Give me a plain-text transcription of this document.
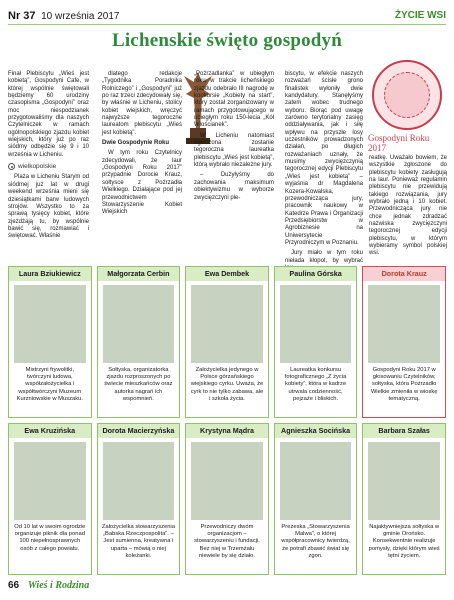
Nr 37 10 września 2017	ŻYCIE WSI
Lichenskie święto gospodyń

Finał Plebiscytu „Wieś jest kobietą”, Gospodyni Cafe, w której wspólnie świętowali będziemy 60 urodziny czasopisma „Gospodyni” oraz moc niespodzianek przygotowaliśmy dla naszych Czytelniczek w ramach ogólnopolskiego zjazdu kobiet wiejskich, który już po raz siódmy odbędzie się 9 i 10 września w Licheniu.

wielkopolskie

Plaża w Licheniu Starym od siódmej już lat w drugi weekend września mieni się dziesiątkami barw ludowych strojów. Wszystko to za sprawą tysięcy kobiet, które zjeżdżają tu, by wspólnie bawić się, rozmawiać i świętować. Właśnie

dlatego redakcje „Tygodnika Poradnika Rolniczego” i „Gospodyni” już po raz trzeci zdecydowały się, by właśnie w Licheniu, stolicy kobiet wiejskich, wręczyć najwyższe tegoroczne laureatom plebiscytu „Wieś jest kobietą”.

Dwie Gospodynie Roku

W tym roku Czytelnicy zdecydowali, że laur „Gospodyni Roku 2017” przypadnie Dorocie Krauz, sołtysce z Pożrzadła Wielkiego. Działające pod jej przewodnictwem Stowarzyszenie Kobiet Wiejskich

„Pożrzadlanka” w ubiegłym roku w trakcie licheńskiego zjazdu odebrało III nagrodę w konkursie „Kobiety na start”, który został zorganizowany w ramach przygotowującego w ubiegłym roku 150-lecia „Kół Włościanek”.

W Licheniu natomiast ogłoszona zostanie tegoroczna laureatka plebiscytu „Wieś jest kobietą”, którą wybrało niezależne jury.

– Dużyłyśmy do zachowania maksimum obiektywizmu w wyborze zwycięzczyni ple-

biscytu, w efekcie naszych rozważań ścisłe grono finalistek wyłoniły dwie kandydatury. Stanęłyśmy zatem wobec trudnego wyboru. Biorąc pod uwagę zarówno terytorialny zasięg oddziaływania, jak i siłę wpływu na przyszłe losy uczestników prowadzonych działań, po długich rozważaniach uznały, że musimy zwycięzczynią tegorocznej edycji Plebiscytu „Wieś jest kobietą” – wyjaśnia dr Magdalena Kozera-Kowalska, przewodnicząca jury, pracownik naukowy w Katedrze Prawa i Organizacji Przedsiębiorstw w Agrobiznesie na Uniwersytecie Przyrodniczym w Poznaniu.

Jury miało w tym roku niełada kłopot, by wybrać

Gospodyni Roku 2017

reatkę. Uważało bowiem, że wszystkie zgłoszone do plebiscytu kobiety zasługują na laur. Ponieważ regulamin plebiscytu nie przewidują takiego rozwiązania, jury wybrało jedną i 10 kobiet. Przewodnicząca jury nie chce jednak zdradzać nazwiska zwycięzczyni tegorocznej edycji plebiscytu, w którym wybieramy symbol polskiej wsi.

Laura Bziukiewicz
Mistrzyni frywolitki, twórczyni ludowa, współzałożycielka i współtwórczyni Muzeum Kurzniowskie w Muszaku.
Małgorzata Cerbin
Sołtyska, organizatorka zjazdu rozproszonych po świecie mieszkańców oraz autorka nagrań ich wspomnień.
Ewa Dembek
Założycielka jedynego w Polsce górzańskiego wiejskiego cyrku. Uważa, że cyrk to nie tylko zabawa, ale i szkoła życia.
Paulina Górska
Laureatka konkursu fotograficznego „Z życia kobiety”, która w kadrze utrwala codzienność, pejzaże i bliskich.
Dorota Krauz
Gospodyni Roku 2017 w głosowaniu Czytelników, sołtyska, która Pożrzadło Wielkie zmieniła w wioskę tematyczną.
Ewa Kruzińska
Od 10 lat w swoim ogrodzie organizuje piknik dla ponad 100 niepełnosprawnych osób z całego powiatu.
Dorota Macierzyńska
Założycielka stowarzyszenia „Babska Rzeczpospolita”. – Jest sumienna, kreatywna i uparta – mówią o niej koleżanki.
Krystyna Mądra
Przewodniczy dwóm organizacjom – stowarzyszeniu i fundacji. Bez niej w Trzemżalu niewiele by się działo.
Agnieszka Socińska
Prezeska „Stowarzyszenia Malwa”, o której współpracownicy twierdzą, że potrafi zbawić świat się zgon.
Barbara Szałas
Najaktywniejsza sołtyska w gminie Orońsko. Konsekwentnie realizuje pomysły, dzięki którym wieś tętni życiem.
66 Wieś i Rodzina
